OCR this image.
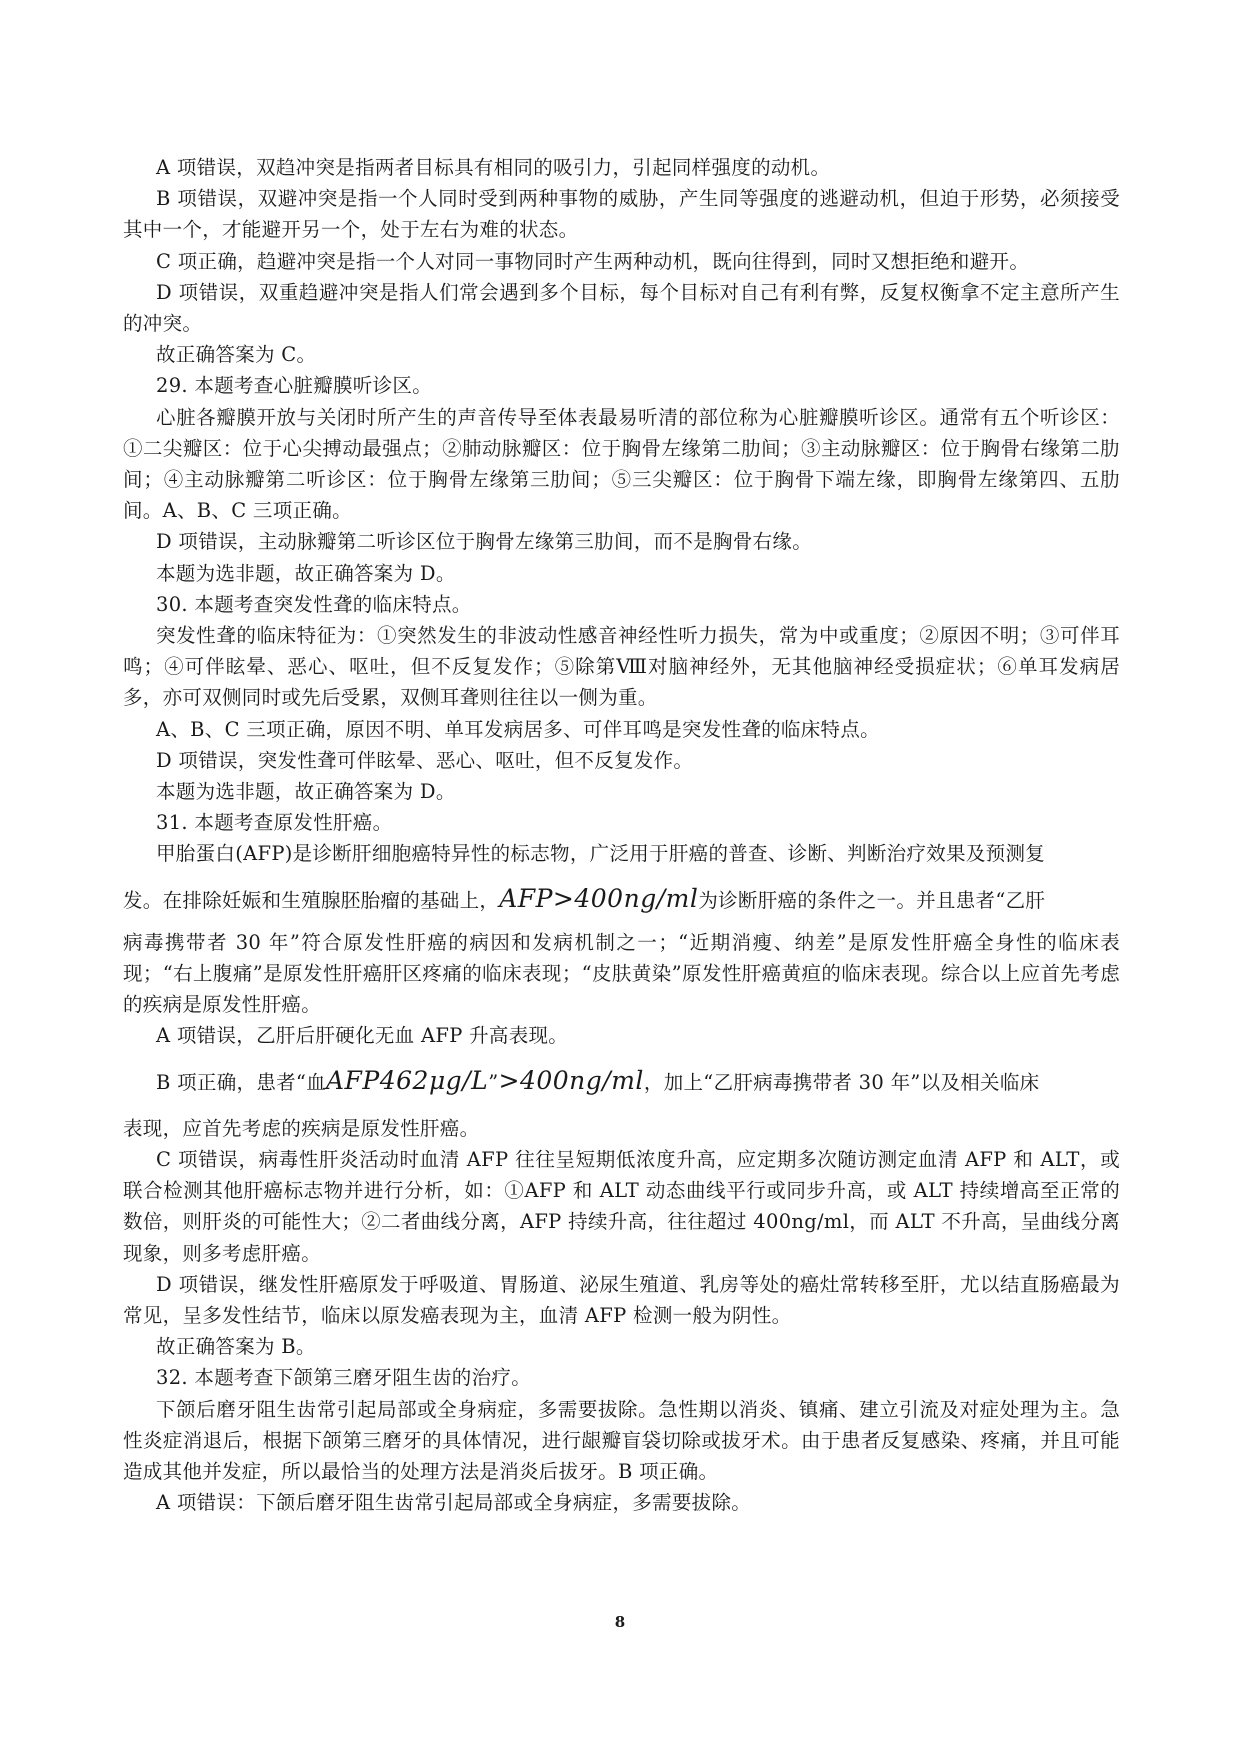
A 项错误，双趋冲突是指两者目标具有相同的吸引力，引起同样强度的动机。

B 项错误，双避冲突是指一个人同时受到两种事物的威胁，产生同等强度的逃避动机，但迫于形势，必须接受其中一个，才能避开另一个，处于左右为难的状态。

C 项正确，趋避冲突是指一个人对同一事物同时产生两种动机，既向往得到，同时又想拒绝和避开。

D 项错误，双重趋避冲突是指人们常会遇到多个目标，每个目标对自己有利有弊，反复权衡拿不定主意所产生的冲突。

故正确答案为 C。

29. 本题考查心脏瓣膜听诊区。

心脏各瓣膜开放与关闭时所产生的声音传导至体表最易听清的部位称为心脏瓣膜听诊区。通常有五个听诊区：①二尖瓣区：位于心尖搏动最强点；②肺动脉瓣区：位于胸骨左缘第二肋间；③主动脉瓣区：位于胸骨右缘第二肋间；④主动脉瓣第二听诊区：位于胸骨左缘第三肋间；⑤三尖瓣区：位于胸骨下端左缘，即胸骨左缘第四、五肋间。A、B、C 三项正确。

D 项错误，主动脉瓣第二听诊区位于胸骨左缘第三肋间，而不是胸骨右缘。

本题为选非题，故正确答案为 D。

30. 本题考查突发性聋的临床特点。

突发性聋的临床特征为：①突然发生的非波动性感音神经性听力损失，常为中或重度；②原因不明；③可伴耳鸣；④可伴眩晕、恶心、呕吐，但不反复发作；⑤除第Ⅷ对脑神经外，无其他脑神经受损症状；⑥单耳发病居多，亦可双侧同时或先后受累，双侧耳聋则往往以一侧为重。

A、B、C 三项正确，原因不明、单耳发病居多、可伴耳鸣是突发性聋的临床特点。

D 项错误，突发性聋可伴眩晕、恶心、呕吐，但不反复发作。

本题为选非题，故正确答案为 D。

31. 本题考查原发性肝癌。

甲胎蛋白(AFP)是诊断肝细胞癌特异性的标志物，广泛用于肝癌的普查、诊断、判断治疗效果及预测复

发。在排除妊娠和生殖腺胚胎瘤的基础上，AFP>400ng/ml为诊断肝癌的条件之一。并且患者“乙肝

病毒携带者 30 年”符合原发性肝癌的病因和发病机制之一；“近期消瘦、纳差”是原发性肝癌全身性的临床表现；“右上腹痛”是原发性肝癌肝区疼痛的临床表现；“皮肤黄染”原发性肝癌黄疸的临床表现。综合以上应首先考虑的疾病是原发性肝癌。

A 项错误，乙肝后肝硬化无血 AFP 升高表现。

B 项正确，患者“血AFP462μg/L”>400ng/ml，加上“乙肝病毒携带者 30 年”以及相关临床

表现，应首先考虑的疾病是原发性肝癌。

C 项错误，病毒性肝炎活动时血清 AFP 往往呈短期低浓度升高，应定期多次随访测定血清 AFP 和 ALT，或联合检测其他肝癌标志物并进行分析，如：①AFP 和 ALT 动态曲线平行或同步升高，或 ALT 持续增高至正常的数倍，则肝炎的可能性大；②二者曲线分离，AFP 持续升高，往往超过 400ng/ml，而 ALT 不升高，呈曲线分离现象，则多考虑肝癌。

D 项错误，继发性肝癌原发于呼吸道、胃肠道、泌尿生殖道、乳房等处的癌灶常转移至肝，尤以结直肠癌最为常见，呈多发性结节，临床以原发癌表现为主，血清 AFP 检测一般为阴性。

故正确答案为 B。

32. 本题考查下颌第三磨牙阻生齿的治疗。

下颌后磨牙阻生齿常引起局部或全身病症，多需要拔除。急性期以消炎、镇痛、建立引流及对症处理为主。急性炎症消退后，根据下颌第三磨牙的具体情况，进行龈瓣盲袋切除或拔牙术。由于患者反复感染、疼痛，并且可能造成其他并发症，所以最恰当的处理方法是消炎后拔牙。B 项正确。

A 项错误：下颌后磨牙阻生齿常引起局部或全身病症，多需要拔除。

8
